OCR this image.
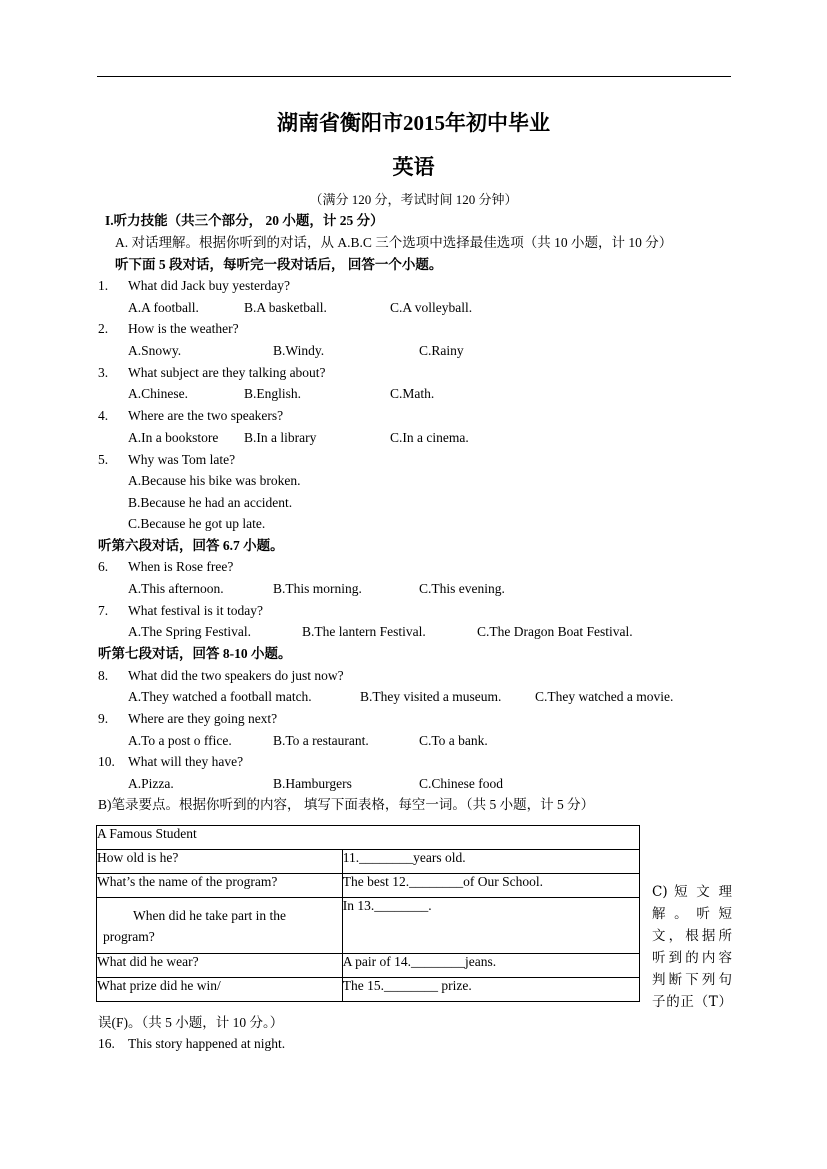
湖南省衡阳市2015年初中毕业
英语
（满分 120 分，考试时间 120 分钟）
I.听力技能（共三个部分， 20 小题，计 25 分）
A. 对话理解。根据你听到的对话，从 A.B.C 三个选项中选择最佳选项（共 10 小题，计 10 分）
听下面 5 段对话，每听完一段对话后， 回答一个小题。
1. What did Jack buy yesterday?
A.A football.	B.A basketball.	C.A volleyball.
2. How is the weather?
A.Snowy.	B.Windy.	C.Rainy
3. What subject are they talking about?
A.Chinese.	B.English.	C.Math.
4. Where are the two speakers?
A.In a bookstore B.In a library	C.In a cinema.
5. Why was Tom late?
A.Because his bike was broken.
B.Because he had an accident.
C.Because he got up late.
听第六段对话，回答 6.7 小题。
6. When is Rose free?
A.This afternoon.	B.This morning.	C.This evening.
7. What festival is it today?
A.The Spring Festival.	B.The lantern Festival.	C.The Dragon Boat Festival.
听第七段对话，回答 8-10 小题。
8. What did the two speakers do just now?
A.They watched a football match.	B.They visited a museum. C.They watched a movie.
9. Where are they going next?
A.To a post o ffice.	B.To a restaurant.	C.To a bank.
10. What will they have?
A.Pizza.	B.Hamburgers	C.Chinese food
B)笔录要点。根据你听到的内容， 填写下面表格，每空一词。（共 5 小题，计 5 分）
A Famous Student	
How old is he?	11.________years old.
What’s the name of the program?	The best 12.________of Our School.

When did he take part in the
program?	In 13.________.
What did he wear?	A pair of 14.________jeans.
What prize did he win/	The 15.________ prize.
C) 短 文 理
解 。 听 短
文，根据所
听到的内容
判断下列句
子的正（T）
误(F)。（共 5 小题，计 10 分。）
16. This story happened at night.
